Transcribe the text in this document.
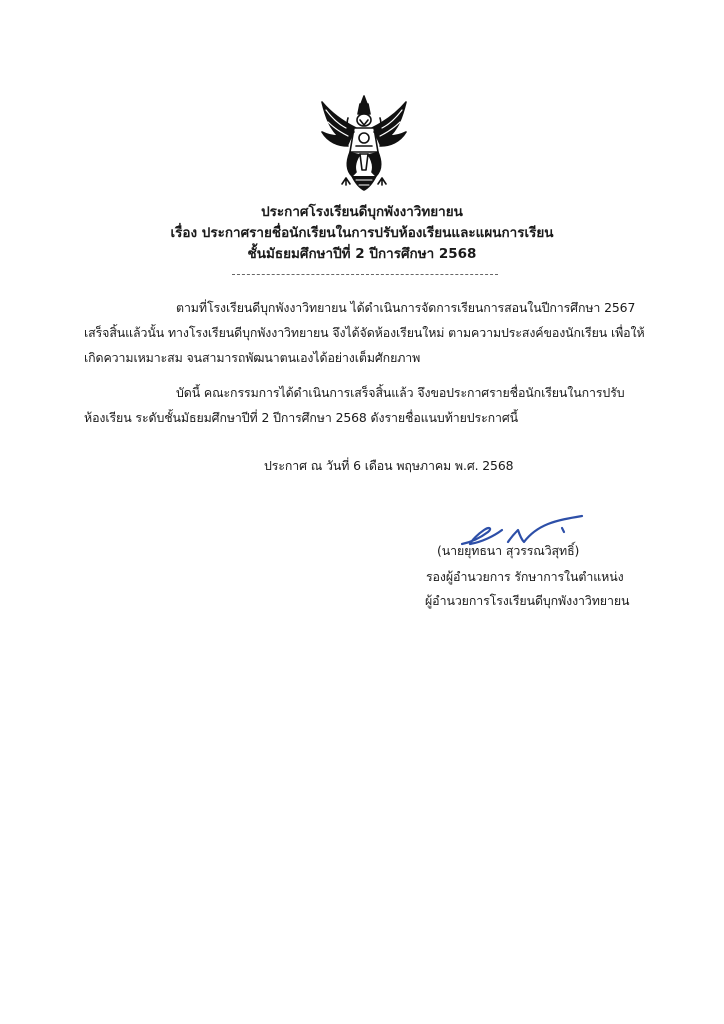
ประกาศโรงเรียนดีบุกพังงาวิทยายน
เรื่อง ประกาศรายชื่อนักเรียนในการปรับห้องเรียนและแผนการเรียน
ชั้นมัธยมศึกษาปีที่ 2 ปีการศึกษา 2568
ตามที่โรงเรียนดีบุกพังงาวิทยายน ได้ดำเนินการจัดการเรียนการสอนในปีการศึกษา 2567
เสร็จสิ้นแล้วนั้น ทางโรงเรียนดีบุกพังงาวิทยายน จึงได้จัดห้องเรียนใหม่ ตามความประสงค์ของนักเรียน เพื่อให้
เกิดความเหมาะสม จนสามารถพัฒนาตนเองได้อย่างเต็มศักยภาพ
บัดนี้ คณะกรรมการได้ดำเนินการเสร็จสิ้นแล้ว จึงขอประกาศรายชื่อนักเรียนในการปรับ
ห้องเรียน ระดับชั้นมัธยมศึกษาปีที่ 2 ปีการศึกษา 2568 ดังรายชื่อแนบท้ายประกาศนี้
ประกาศ ณ วันที่ 6 เดือน พฤษภาคม พ.ศ. 2568
(นายยุทธนา สุวรรณวิสุทธิ์)
รองผู้อำนวยการ รักษาการในตำแหน่ง
ผู้อำนวยการโรงเรียนดีบุกพังงาวิทยายน
